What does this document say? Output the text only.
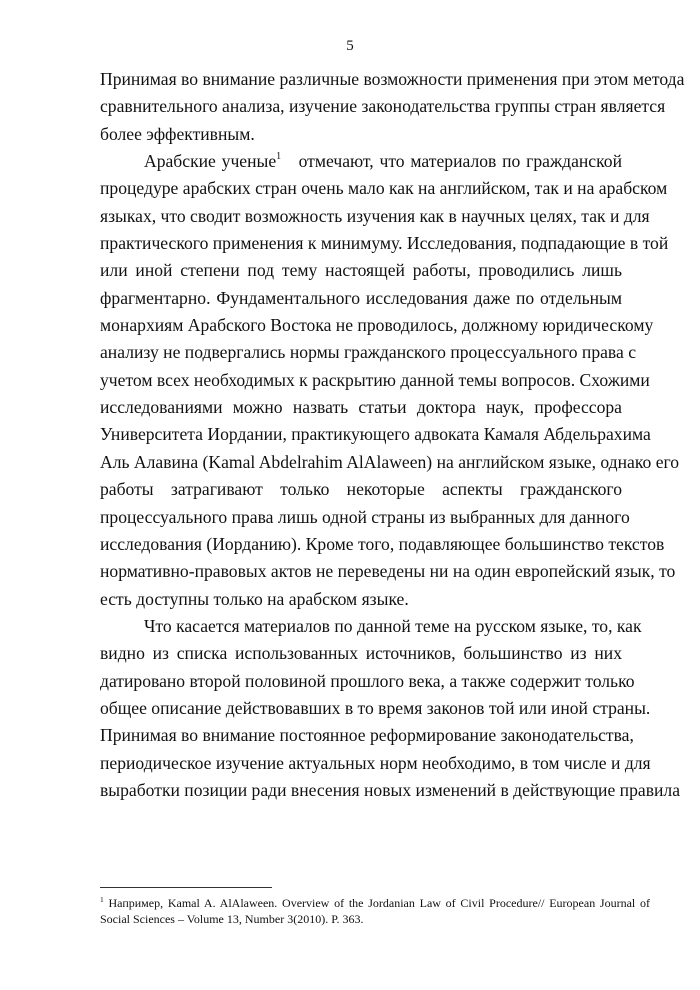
5
Принимая во внимание различные возможности применения при этом метода
сравнительного анализа, изучение законодательства группы стран является
более эффективным.
Арабские ученые$^1$ отмечают, что материалов по гражданской
процедуре арабских стран очень мало как на английском, так и на арабском
языках, что сводит возможность изучения как в научных целях, так и для
практического применения к минимуму. Исследования, подпадающие в той
или иной степени под тему настоящей работы, проводились лишь
фрагментарно. Фундаментального исследования даже по отдельным
монархиям Арабского Востока не проводилось, должному юридическому
анализу не подвергались нормы гражданского процессуального права с
учетом всех необходимых к раскрытию данной темы вопросов. Схожими
исследованиями можно назвать статьи доктора наук, профессора
Университета Иордании, практикующего адвоката Камаля Абдельрахима
Аль Алавина (Kamal Abdelrahim AlAlaween) на английском языке, однако его
работы затрагивают только некоторые аспекты гражданского
процессуального права лишь одной страны из выбранных для данного
исследования (Иорданию). Кроме того, подавляющее большинство текстов
нормативно-правовых актов не переведены ни на один европейский язык, то
есть доступны только на арабском языке.
Что касается материалов по данной теме на русском языке, то, как
видно из списка использованных источников, большинство из них
датировано второй половиной прошлого века, а также содержит только
общее описание действовавших в то время законов той или иной страны.
Принимая во внимание постоянное реформирование законодательства,
периодическое изучение актуальных норм необходимо, в том числе и для
выработки позиции ради внесения новых изменений в действующие правила
$^1$ Например, Kamal A. AlAlaween. Overview of the Jordanian Law of Civil Procedure// European Journal of Social Sciences – Volume 13, Number 3(2010). P. 363.
